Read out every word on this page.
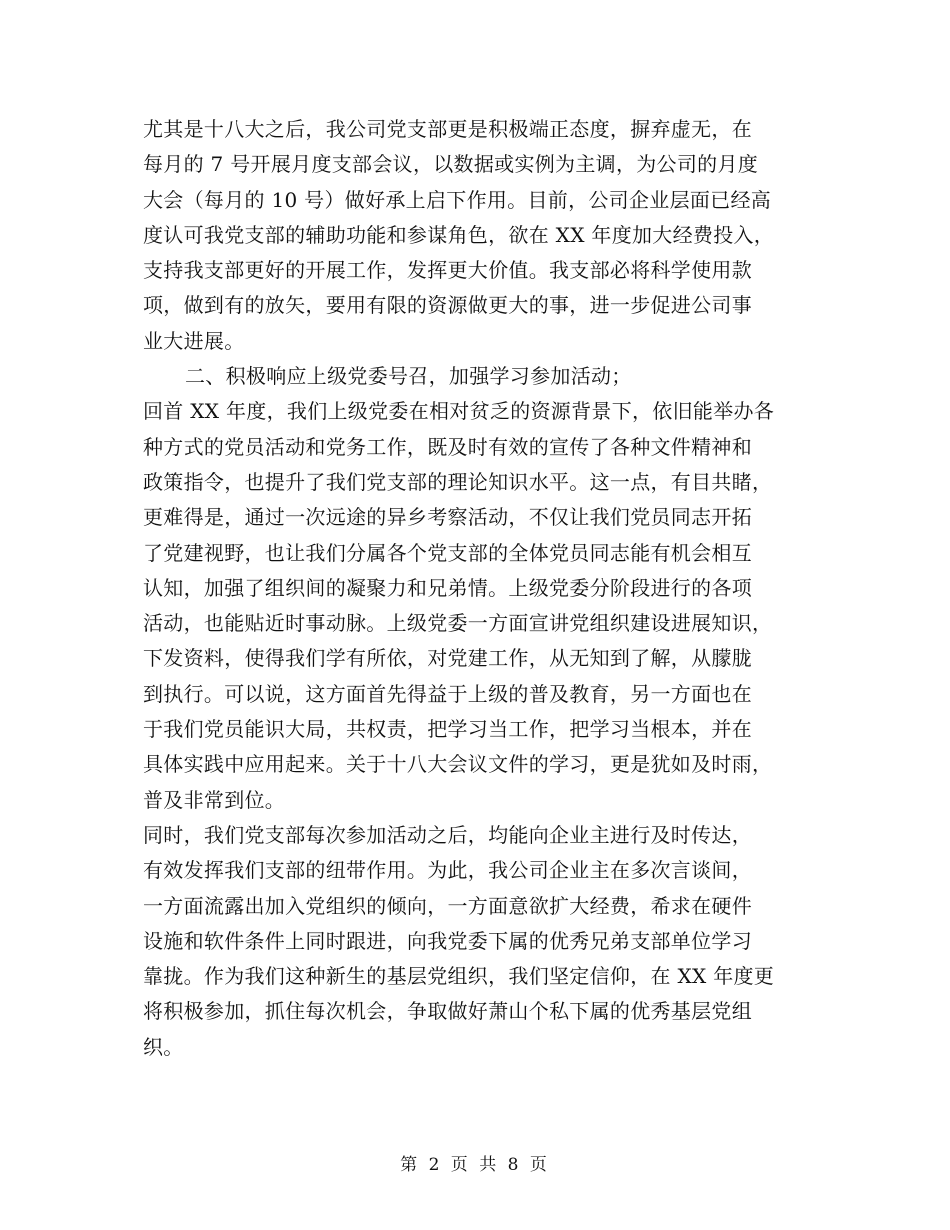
尤其是十八大之后，我公司党支部更是积极端正态度，摒弃虚无，在
每月的 7 号开展月度支部会议，以数据或实例为主调，为公司的月度
大会（每月的 10 号）做好承上启下作用。目前，公司企业层面已经高
度认可我党支部的辅助功能和参谋角色，欲在 XX 年度加大经费投入，
支持我支部更好的开展工作，发挥更大价值。我支部必将科学使用款
项，做到有的放矢，要用有限的资源做更大的事，进一步促进公司事
业大进展。
二、积极响应上级党委号召，加强学习参加活动；
回首 XX 年度，我们上级党委在相对贫乏的资源背景下，依旧能举办各
种方式的党员活动和党务工作，既及时有效的宣传了各种文件精神和
政策指令，也提升了我们党支部的理论知识水平。这一点，有目共睹，
更难得是，通过一次远途的异乡考察活动，不仅让我们党员同志开拓
了党建视野，也让我们分属各个党支部的全体党员同志能有机会相互
认知，加强了组织间的凝聚力和兄弟情。上级党委分阶段进行的各项
活动，也能贴近时事动脉。上级党委一方面宣讲党组织建设进展知识，
下发资料，使得我们学有所依，对党建工作，从无知到了解，从朦胧
到执行。可以说，这方面首先得益于上级的普及教育，另一方面也在
于我们党员能识大局，共权责，把学习当工作，把学习当根本，并在
具体实践中应用起来。关于十八大会议文件的学习，更是犹如及时雨，
普及非常到位。
同时，我们党支部每次参加活动之后，均能向企业主进行及时传达，
有效发挥我们支部的纽带作用。为此，我公司企业主在多次言谈间，
一方面流露出加入党组织的倾向，一方面意欲扩大经费，希求在硬件
设施和软件条件上同时跟进，向我党委下属的优秀兄弟支部单位学习
靠拢。作为我们这种新生的基层党组织，我们坚定信仰，在 XX 年度更
将积极参加，抓住每次机会，争取做好萧山个私下属的优秀基层党组
织。
第 2 页 共 8 页
